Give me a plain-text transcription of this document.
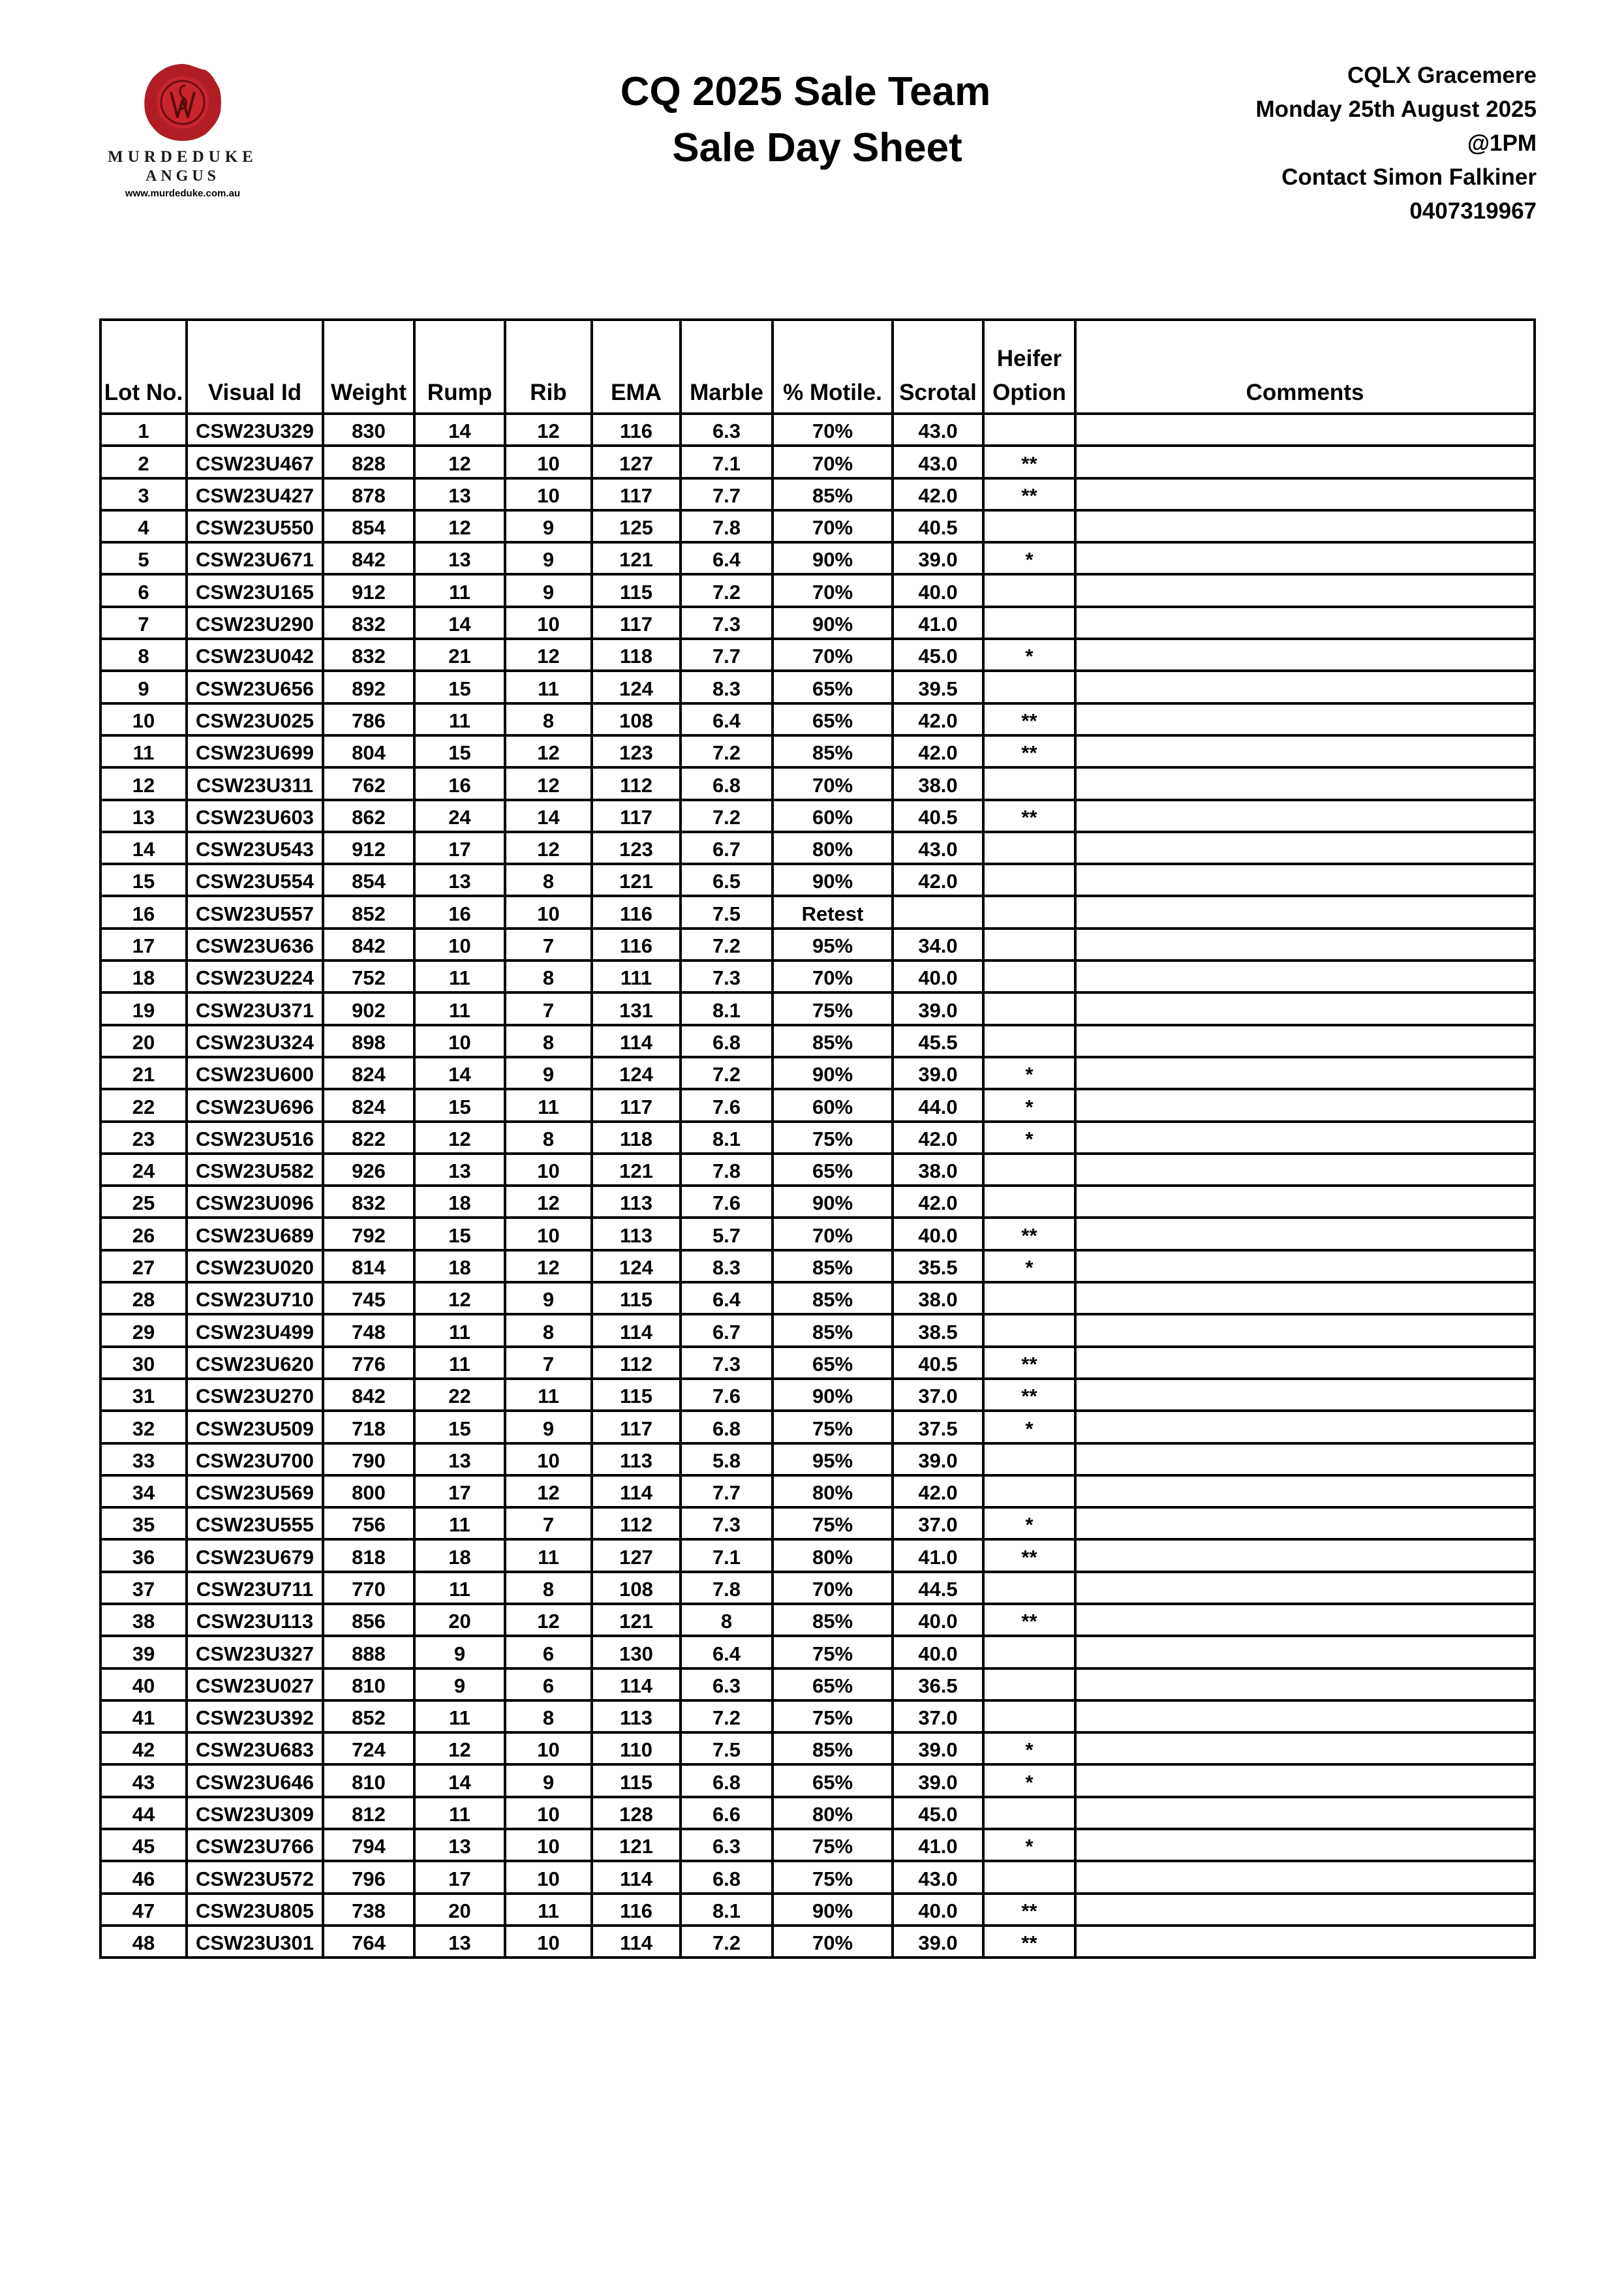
MURDEDUKE
ANGUS
www.murdeduke.com.au
CQ 2025 Sale Team
Sale Day Sheet
CQLX Gracemere
Monday 25th August 2025
@1PM
Contact Simon Falkiner
0407319967
Lot No.	Visual Id	Weight	Rump	Rib	EMA	Marble	% Motile.	Scrotal	Heifer Option	Comments
1	CSW23U329	830	14	12	116	6.3	70%	43.0		
2	CSW23U467	828	12	10	127	7.1	70%	43.0	**	
3	CSW23U427	878	13	10	117	7.7	85%	42.0	**	
4	CSW23U550	854	12	9	125	7.8	70%	40.5		
5	CSW23U671	842	13	9	121	6.4	90%	39.0	*	
6	CSW23U165	912	11	9	115	7.2	70%	40.0		
7	CSW23U290	832	14	10	117	7.3	90%	41.0		
8	CSW23U042	832	21	12	118	7.7	70%	45.0	*	
9	CSW23U656	892	15	11	124	8.3	65%	39.5		
10	CSW23U025	786	11	8	108	6.4	65%	42.0	**	
11	CSW23U699	804	15	12	123	7.2	85%	42.0	**	
12	CSW23U311	762	16	12	112	6.8	70%	38.0		
13	CSW23U603	862	24	14	117	7.2	60%	40.5	**	
14	CSW23U543	912	17	12	123	6.7	80%	43.0		
15	CSW23U554	854	13	8	121	6.5	90%	42.0		
16	CSW23U557	852	16	10	116	7.5	Retest			
17	CSW23U636	842	10	7	116	7.2	95%	34.0		
18	CSW23U224	752	11	8	111	7.3	70%	40.0		
19	CSW23U371	902	11	7	131	8.1	75%	39.0		
20	CSW23U324	898	10	8	114	6.8	85%	45.5		
21	CSW23U600	824	14	9	124	7.2	90%	39.0	*	
22	CSW23U696	824	15	11	117	7.6	60%	44.0	*	
23	CSW23U516	822	12	8	118	8.1	75%	42.0	*	
24	CSW23U582	926	13	10	121	7.8	65%	38.0		
25	CSW23U096	832	18	12	113	7.6	90%	42.0		
26	CSW23U689	792	15	10	113	5.7	70%	40.0	**	
27	CSW23U020	814	18	12	124	8.3	85%	35.5	*	
28	CSW23U710	745	12	9	115	6.4	85%	38.0		
29	CSW23U499	748	11	8	114	6.7	85%	38.5		
30	CSW23U620	776	11	7	112	7.3	65%	40.5	**	
31	CSW23U270	842	22	11	115	7.6	90%	37.0	**	
32	CSW23U509	718	15	9	117	6.8	75%	37.5	*	
33	CSW23U700	790	13	10	113	5.8	95%	39.0		
34	CSW23U569	800	17	12	114	7.7	80%	42.0		
35	CSW23U555	756	11	7	112	7.3	75%	37.0	*	
36	CSW23U679	818	18	11	127	7.1	80%	41.0	**	
37	CSW23U711	770	11	8	108	7.8	70%	44.5		
38	CSW23U113	856	20	12	121	8	85%	40.0	**	
39	CSW23U327	888	9	6	130	6.4	75%	40.0		
40	CSW23U027	810	9	6	114	6.3	65%	36.5		
41	CSW23U392	852	11	8	113	7.2	75%	37.0		
42	CSW23U683	724	12	10	110	7.5	85%	39.0	*	
43	CSW23U646	810	14	9	115	6.8	65%	39.0	*	
44	CSW23U309	812	11	10	128	6.6	80%	45.0		
45	CSW23U766	794	13	10	121	6.3	75%	41.0	*	
46	CSW23U572	796	17	10	114	6.8	75%	43.0		
47	CSW23U805	738	20	11	116	8.1	90%	40.0	**	
48	CSW23U301	764	13	10	114	7.2	70%	39.0	**	
